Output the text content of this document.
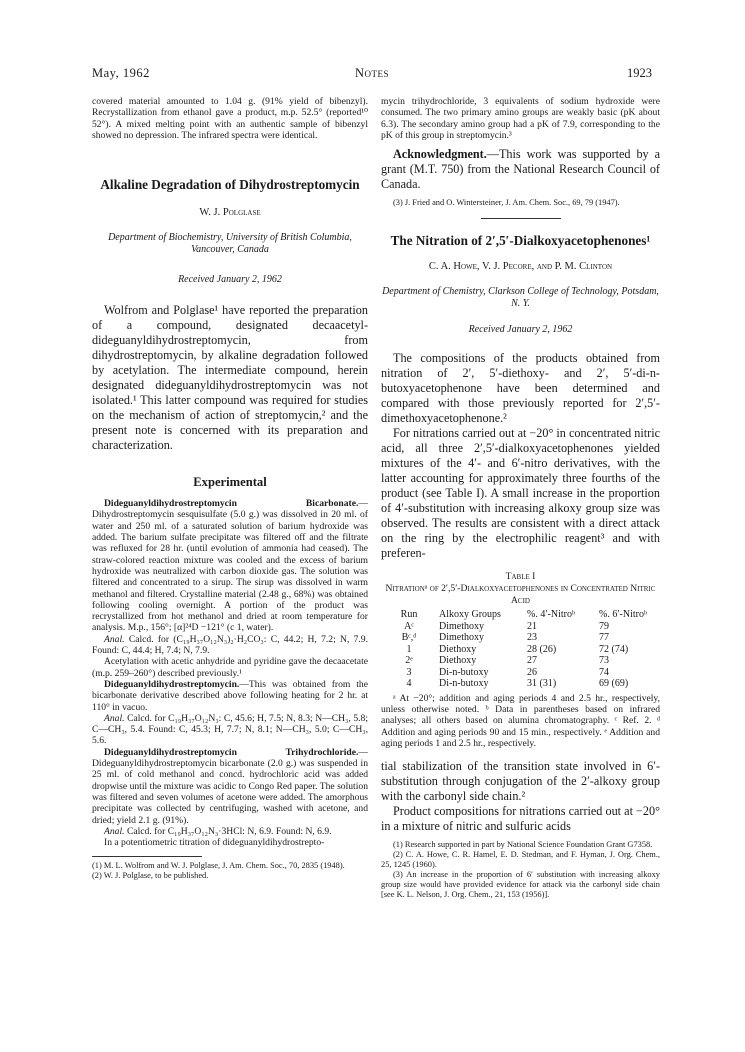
May, 1962	Notes	1923

covered material amounted to 1.04 g. (91% yield of bibenzyl). Recrystallization from ethanol gave a product, m.p. 52.5° (reported¹⁰ 52°). A mixed melting point with an authentic sample of bibenzyl showed no depression. The infrared spectra were identical.

Alkaline Degradation of Dihydrostreptomycin

W. J. Polglase

Department of Biochemistry, University of British Columbia, Vancouver, Canada

Received January 2, 1962

Wolfrom and Polglase¹ have reported the preparation of a compound, designated decaacetyl-dideguanyldihydrostreptomycin, from dihydrostreptomycin, by alkaline degradation followed by acetylation. The intermediate compound, herein designated dideguanyldihydrostreptomycin was not isolated.¹ This latter compound was required for studies on the mechanism of action of streptomycin,² and the present note is concerned with its preparation and characterization.

Experimental

Dideguanyldihydrostreptomycin Bicarbonate.—Dihydrostreptomycin sesquisulfate (5.0 g.) was dissolved in 20 ml. of water and 250 ml. of a saturated solution of barium hydroxide was added. The barium sulfate precipitate was filtered off and the filtrate was refluxed for 28 hr. (until evolution of ammonia had ceased). The straw-colored reaction mixture was cooled and the excess of barium hydroxide was neutralized with carbon dioxide gas. The solution was filtered and concentrated to a sirup. The sirup was dissolved in warm methanol and filtered. Crystalline material (2.48 g., 68%) was obtained following cooling overnight. A portion of the product was recrystallized from hot methanol and dried at room temperature for analysis. M.p., 156°; [α]²⁴D −121° (c 1, water).

Anal. Calcd. for (C₁₉H₃₇O₁₂N₃)₂·H₂CO₃: C, 44.2; H, 7.2; N, 7.9. Found: C, 44.4; H, 7.4; N, 7.9.

Acetylation with acetic anhydride and pyridine gave the decaacetate (m.p. 259–260°) described previously.¹

Dideguanyldihydrostreptomycin.—This was obtained from the bicarbonate derivative described above following heating for 2 hr. at 110° in vacuo.

Anal. Calcd. for C₁₉H₃₇O₁₂N₃: C, 45.6; H, 7.5; N, 8.3; N—CH₃, 5.8; C—CH₃, 5.4. Found: C, 45.3; H, 7.7; N, 8.1; N—CH₃, 5.0; C—CH₃, 5.6.

Dideguanyldihydrostreptomycin Trihydrochloride.—Dideguanyldihydrostreptomycin bicarbonate (2.0 g.) was suspended in 25 ml. of cold methanol and concd. hydrochloric acid was added dropwise until the mixture was acidic to Congo Red paper. The solution was filtered and seven volumes of acetone were added. The amorphous precipitate was collected by centrifuging, washed with acetone, and dried; yield 2.1 g. (91%).

Anal. Calcd. for C₁₉H₃₇O₁₂N₃·3HCl: N, 6.9. Found: N, 6.9.

In a potentiometric titration of dideguanyldihydrostrepto-

(1) M. L. Wolfrom and W. J. Polglase, J. Am. Chem. Soc., 70, 2835 (1948).

(2) W. J. Polglase, to be published.

mycin trihydrochloride, 3 equivalents of sodium hydroxide were consumed. The two primary amino groups are weakly basic (pK about 6.3). The secondary amino group had a pK of 7.9, corresponding to the pK of this group in streptomycin.³

Acknowledgment.—This work was supported by a grant (M.T. 750) from the National Research Council of Canada.

(3) J. Fried and O. Wintersteiner, J. Am. Chem. Soc., 69, 79 (1947).

The Nitration of 2′,5′-Dialkoxyacetophenones¹

C. A. Howe, V. J. Pecore, and P. M. Clinton

Department of Chemistry, Clarkson College of Technology, Potsdam, N. Y.

Received January 2, 1962

The compositions of the products obtained from nitration of 2′, 5′-diethoxy- and 2′, 5′-di-n-butoxyacetophenone have been determined and compared with those previously reported for 2′,5′-dimethoxyacetophenone.²

For nitrations carried out at −20° in concentrated nitric acid, all three 2′,5′-dialkoxyacetophenones yielded mixtures of the 4′- and 6′-nitro derivatives, with the latter accounting for approximately three fourths of the product (see Table I). A small increase in the proportion of 4′-substitution with increasing alkoxy group size was observed. The results are consistent with a direct attack on the ring by the electrophilic reagent³ and with preferen-

Table I

Nitrationᵃ of 2′,5′-Dialkoxyacetophenones in Concentrated Nitric Acid

Run	Alkoxy Groups	%. 4′-Nitroᵇ	%. 6′-Nitroᵇ
Aᶜ	Dimethoxy	21	79
Bᶜ,ᵈ	Dimethoxy	23	77
1	Diethoxy	28 (26)	72 (74)
2ᵉ	Diethoxy	27	73
3	Di-n-butoxy	26	74
4	Di-n-butoxy	31 (31)	69 (69)

ᵃ At −20°; addition and aging periods 4 and 2.5 hr., respectively, unless otherwise noted. ᵇ Data in parentheses based on infrared analyses; all others based on alumina chromatography. ᶜ Ref. 2. ᵈ Addition and aging periods 90 and 15 min., respectively. ᵉ Addition and aging periods 1 and 2.5 hr., respectively.

tial stabilization of the transition state involved in 6′-substitution through conjugation of the 2′-alkoxy group with the carbonyl side chain.²

Product compositions for nitrations carried out at −20° in a mixture of nitric and sulfuric acids

(1) Research supported in part by National Science Foundation Grant G7358.

(2) C. A. Howe, C. R. Hamel, E. D. Stedman, and F. Hyman, J. Org. Chem., 25, 1245 (1960).

(3) An increase in the proportion of 6′ substitution with increasing alkoxy group size would have provided evidence for attack via the carbonyl side chain [see K. L. Nelson, J. Org. Chem., 21, 153 (1956)].
